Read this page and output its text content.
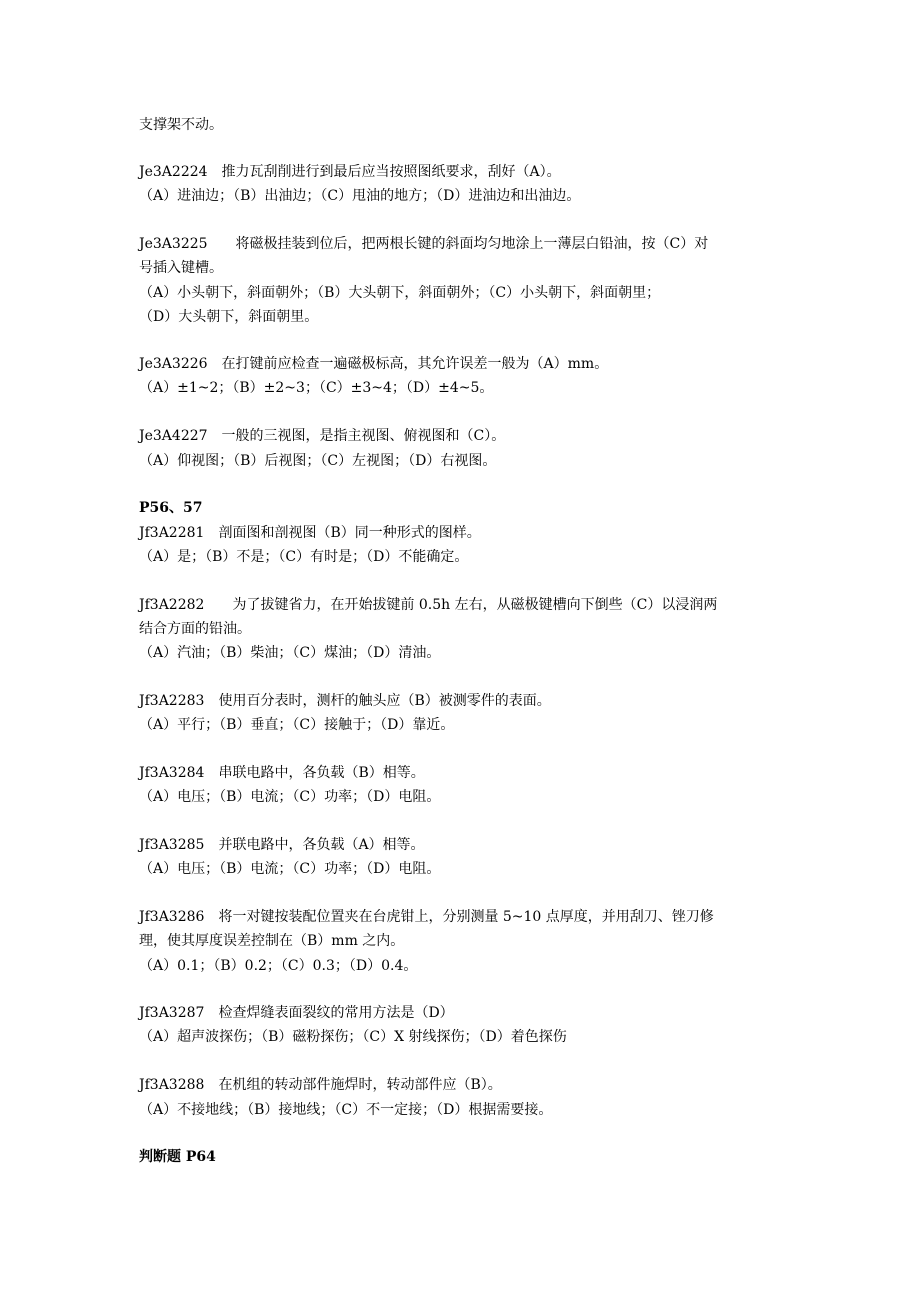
支撑架不动。
Je3A2224　推力瓦刮削进行到最后应当按照图纸要求，刮好（A）。
（A）进油边；（B）出油边；（C）甩油的地方；（D）进油边和出油边。
Je3A3225　　将磁极挂装到位后，把两根长键的斜面均匀地涂上一薄层白铅油，按（C）对
号插入键槽。
（A）小头朝下，斜面朝外；（B）大头朝下，斜面朝外；（C）小头朝下，斜面朝里；
（D）大头朝下，斜面朝里。
Je3A3226　在打键前应检查一遍磁极标高，其允许误差一般为（A）mm。
（A）±1~2；（B）±2~3；（C）±3~4；（D）±4~5。
Je3A4227　一般的三视图，是指主视图、俯视图和（C）。
（A）仰视图；（B）后视图；（C）左视图；（D）右视图。
P56、57
Jf3A2281　剖面图和剖视图（B）同一种形式的图样。
（A）是；（B）不是；（C）有时是；（D）不能确定。
Jf3A2282　　为了拔键省力，在开始拔键前 0.5h 左右，从磁极键槽向下倒些（C）以浸润两
结合方面的铅油。
（A）汽油；（B）柴油；（C）煤油；（D）清油。
Jf3A2283　使用百分表时，测杆的触头应（B）被测零件的表面。
（A）平行；（B）垂直；（C）接触于；（D）靠近。
Jf3A3284　串联电路中，各负载（B）相等。
（A）电压；（B）电流；（C）功率；（D）电阻。
Jf3A3285　并联电路中，各负载（A）相等。
（A）电压；（B）电流；（C）功率；（D）电阻。
Jf3A3286　将一对键按装配位置夹在台虎钳上，分别测量 5~10 点厚度，并用刮刀、锉刀修
理，使其厚度误差控制在（B）mm 之内。
（A）0.1；（B）0.2；（C）0.3；（D）0.4。
Jf3A3287　检查焊缝表面裂纹的常用方法是（D）
（A）超声波探伤；（B）磁粉探伤；（C）X 射线探伤；（D）着色探伤
Jf3A3288　在机组的转动部件施焊时，转动部件应（B）。
（A）不接地线；（B）接地线；（C）不一定接；（D）根据需要接。
判断题 P64
